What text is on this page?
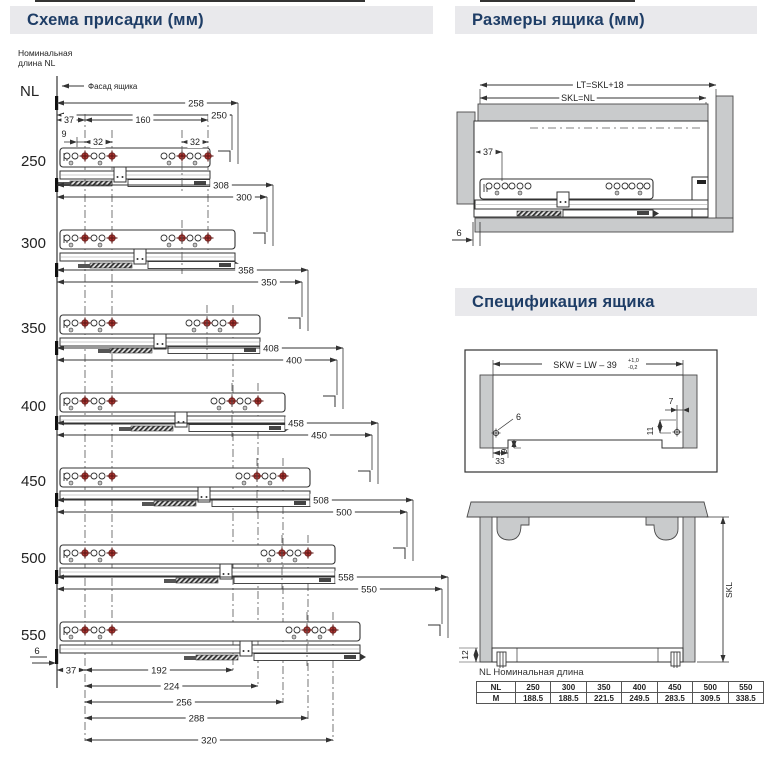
Номинальная
длина NL
NL	Фасад ящика
250
258
250
300
308
300
350
358
350
400
408
400
450
458
450
500
508
500
550
558
550
37	160
9
32	32
6
37	192
224
256
288
320
LT=SKL+18
SKL=NL
37
6
SKW = LW – 39 +1,0
-0,2
6
9
33
7
11
12
SKL
Схема присадки (мм)	Размеры ящика (мм)
Спецификация ящика
NL Номинальная длина
NL	250	300	350	400	450	500	550
M	188.5	188.5	221.5	249.5	283.5	309.5	338.5
